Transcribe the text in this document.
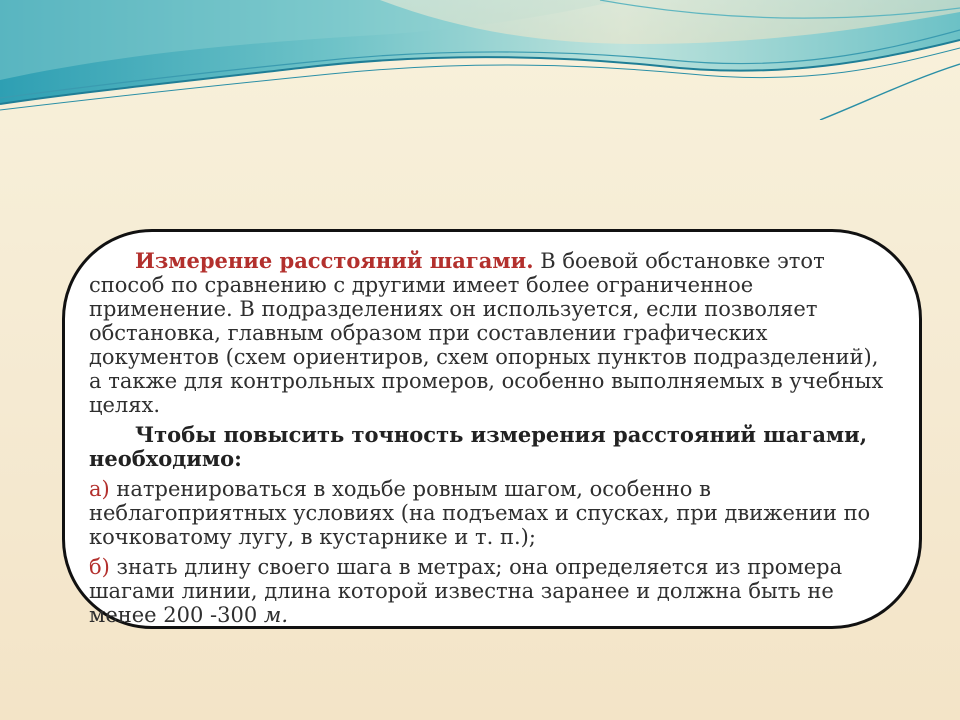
Измерение расстояний шагами. В боевой обстановке этот способ по сравнению с другими имеет более ограниченное применение. В подразделениях он используется, если позволяет обстановка, главным образом при составлении графических документов (схем ориентиров, схем опорных пунктов подразделений), а также для контрольных промеров, особенно выполняемых в учебных целях.

Чтобы повысить точность измерения расстояний шагами, необходимо:

а) натренироваться в ходьбе ровным шагом, особенно в неблагоприятных условиях (на подъемах и спусках, при движении по кочковатому лугу, в кустарнике и т. п.);

б) знать длину своего шага в метрах; она определяется из промера шагами линии, длина которой известна заранее и должна быть не менее 200 -300 м.
